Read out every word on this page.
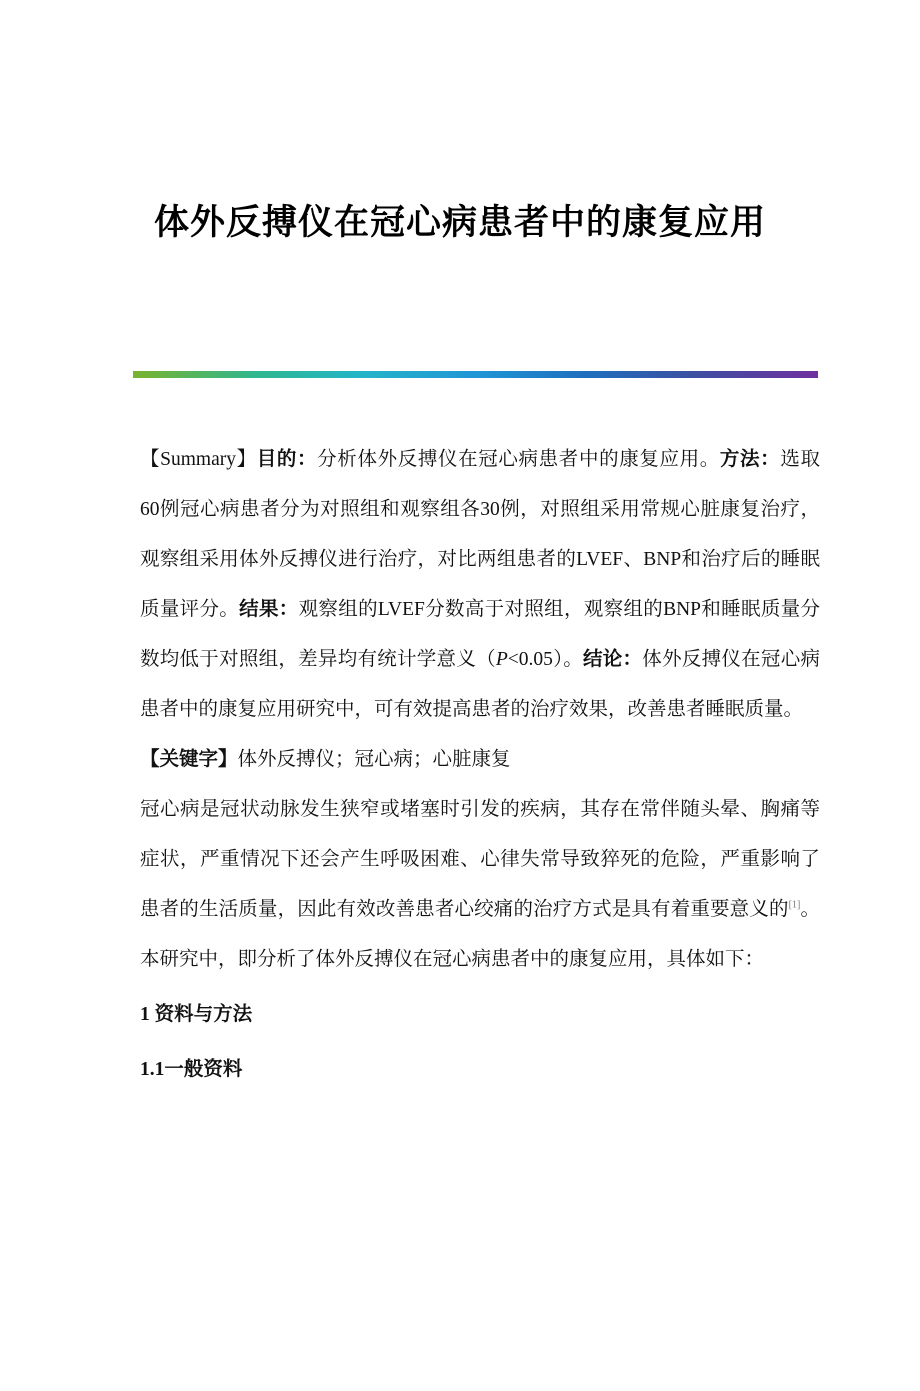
体外反搏仪在冠心病患者中的康复应用

【Summary】目的：分析体外反搏仪在冠心病患者中的康复应用。方法：选取60例冠心病患者分为对照组和观察组各30例，对照组采用常规心脏康复治疗，观察组采用体外反搏仪进行治疗，对比两组患者的LVEF、BNP和治疗后的睡眠质量评分。结果：观察组的LVEF分数高于对照组，观察组的BNP和睡眠质量分数均低于对照组，差异均有统计学意义（P<0.05）。结论：体外反搏仪在冠心病患者中的康复应用研究中，可有效提高患者的治疗效果，改善患者睡眠质量。

【关键字】体外反搏仪；冠心病；心脏康复

冠心病是冠状动脉发生狭窄或堵塞时引发的疾病，其存在常伴随头晕、胸痛等症状，严重情况下还会产生呼吸困难、心律失常导致猝死的危险，严重影响了患者的生活质量，因此有效改善患者心绞痛的治疗方式是具有着重要意义的[1]。本研究中，即分析了体外反搏仪在冠心病患者中的康复应用，具体如下：

1 资料与方法

1.1一般资料
